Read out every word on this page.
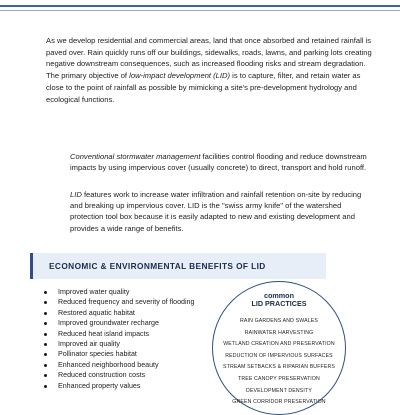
As we develop residential and commercial areas, land that once absorbed and retained rainfall is paved over. Rain quickly runs off our buildings, sidewalks, roads, lawns, and parking lots creating negative downstream consequences, such as increased flooding risks and stream degradation. The primary objective of low-impact development (LID) is to capture, filter, and retain water as close to the point of rainfall as possible by mimicking a site's pre-development hydrology and ecological functions.

Conventional stormwater management facilities control flooding and reduce downstream impacts by using impervious cover (usually concrete) to direct, transport and hold runoff.

LID features work to increase water infiltration and rainfall retention on-site by reducing and breaking up impervious cover. LID is the "swiss army knife" of the watershed protection tool box because it is easily adapted to new and existing development and provides a wide range of benefits.

ECONOMIC & ENVIRONMENTAL BENEFITS OF LID
Improved water quality
Reduced frequency and severity of flooding
Restored aquatic habitat
Improved groundwater recharge
Reduced heat island impacts
Improved air quality
Pollinator species habitat
Enhanced neighborhood beauty
Reduced construction costs
Enhanced property values
common
LID PRACTICES
RAIN GARDENS AND SWALES
RAINWATER HARVESTING
WETLAND CREATION AND PRESERVATION
REDUCTION OF IMPERVIOUS SURFACES
STREAM SETBACKS & RIPARIAN BUFFERS
TREE CANOPY PRESERVATION
DEVELOPMENT DENSITY
GREEN CORRIDOR PRESERVATION
